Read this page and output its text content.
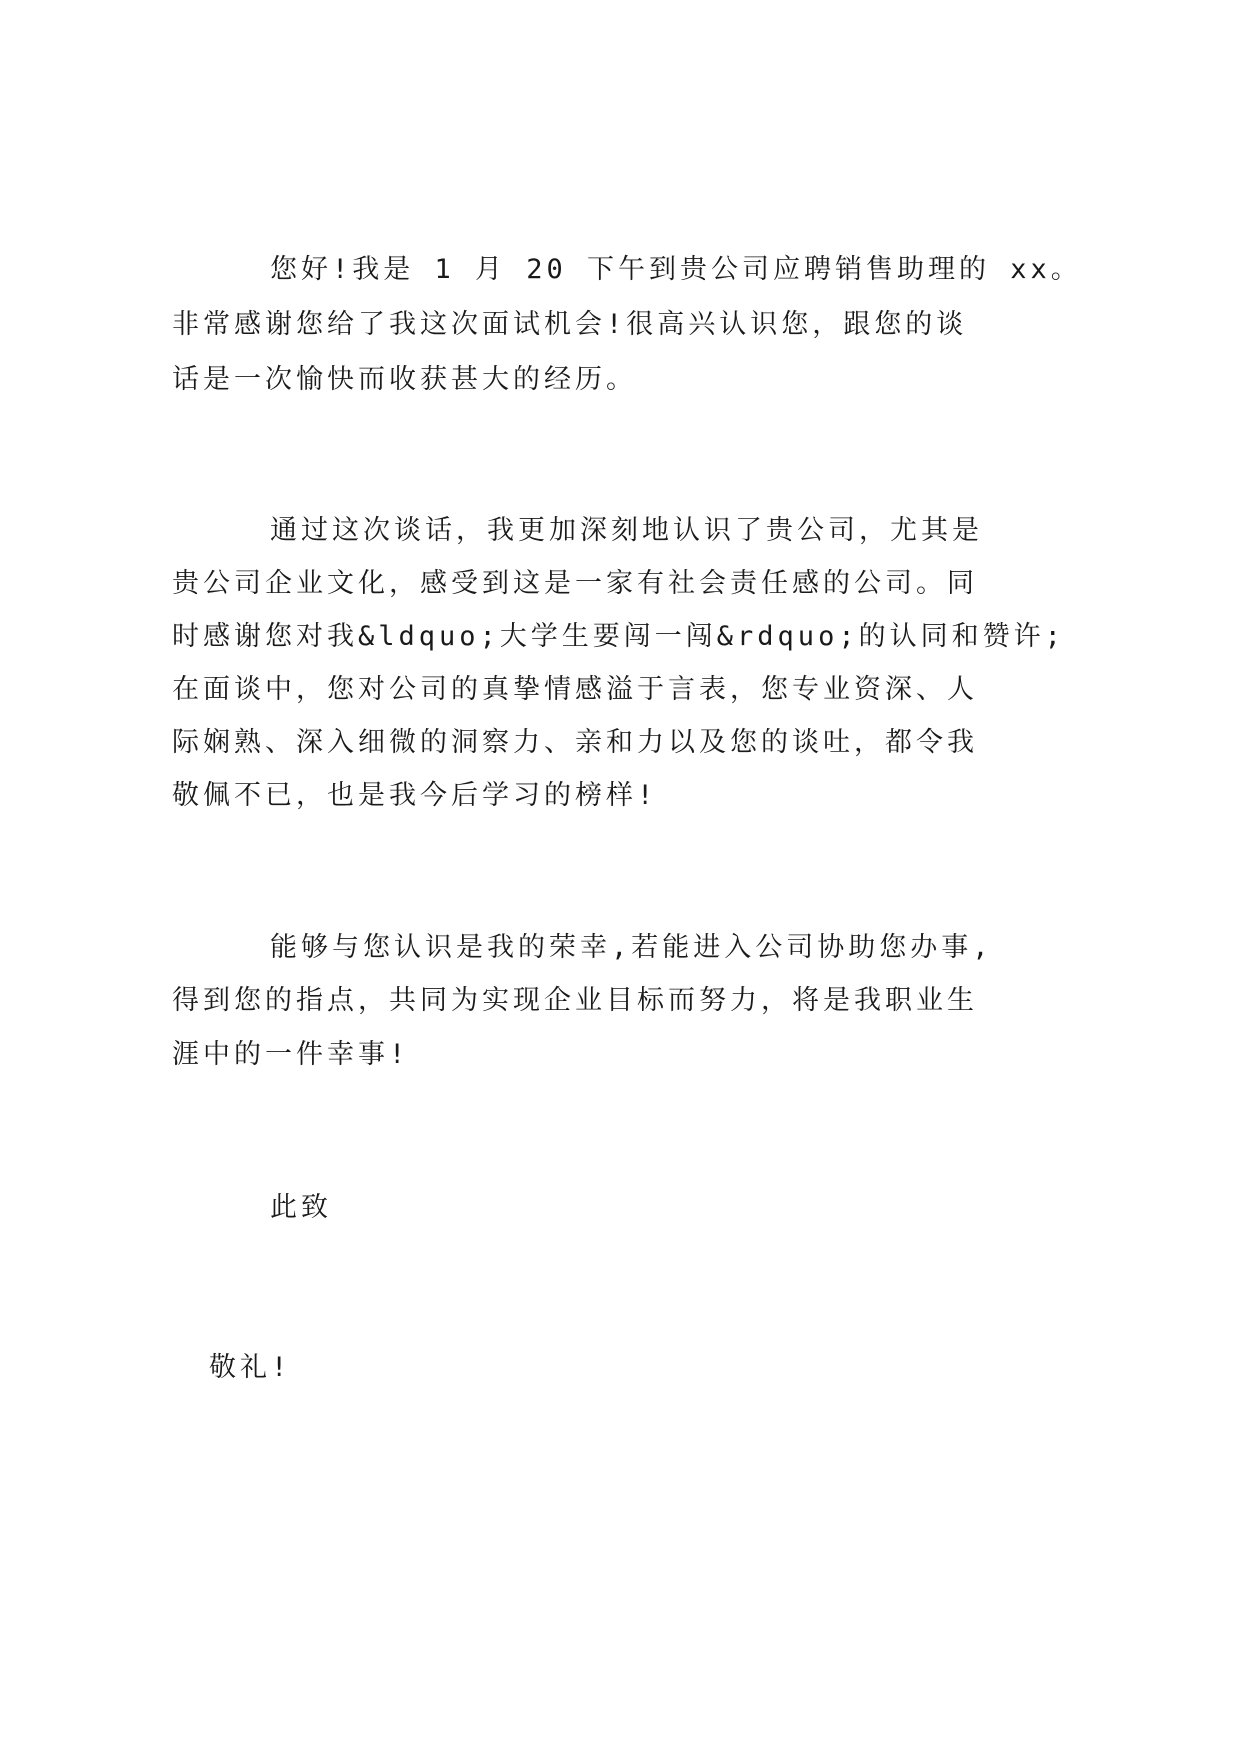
您好!我是 1 月 20 下午到贵公司应聘销售助理的 xx。
非常感谢您给了我这次面试机会!很高兴认识您，跟您的谈
话是一次愉快而收获甚大的经历。
通过这次谈话，我更加深刻地认识了贵公司，尤其是
贵公司企业文化，感受到这是一家有社会责任感的公司。同
时感谢您对我&ldquo;大学生要闯一闯&rdquo;的认同和赞许;
在面谈中，您对公司的真挚情感溢于言表，您专业资深、人
际娴熟、深入细微的洞察力、亲和力以及您的谈吐，都令我
敬佩不已，也是我今后学习的榜样!
能够与您认识是我的荣幸,若能进入公司协助您办事,
得到您的指点，共同为实现企业目标而努力，将是我职业生
涯中的一件幸事!
此致
敬礼!
